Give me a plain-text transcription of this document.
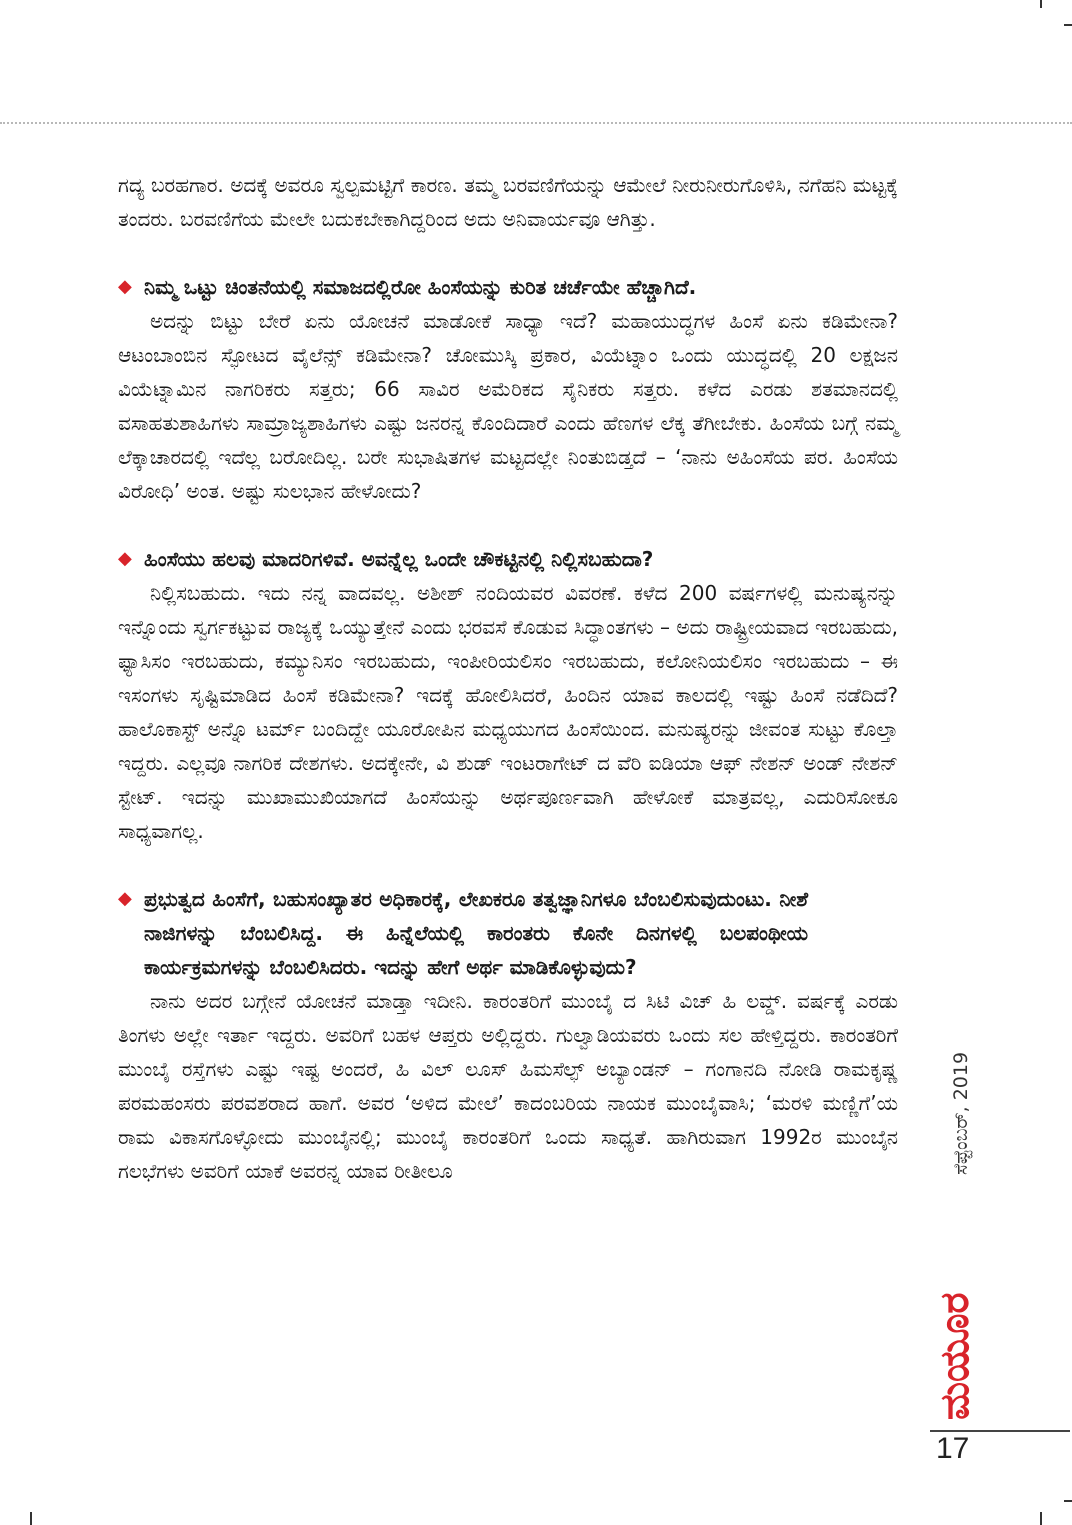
ಗದ್ಯ ಬರಹಗಾರ. ಅದಕ್ಕೆ ಅವರೂ ಸ್ವಲ್ಪಮಟ್ಟಿಗೆ ಕಾರಣ. ತಮ್ಮ ಬರವಣಿಗೆಯನ್ನು ಆಮೇಲೆ ನೀರುನೀರುಗೊಳಿಸಿ, ನಗೆಹನಿ ಮಟ್ಟಕ್ಕೆ ತಂದರು. ಬರವಣಿಗೆಯ ಮೇಲೇ ಬದುಕಬೇಕಾಗಿದ್ದರಿಂದ ಅದು ಅನಿವಾರ್ಯವೂ ಆಗಿತ್ತು.

◆ ನಿಮ್ಮ ಒಟ್ಟು ಚಿಂತನೆಯಲ್ಲಿ ಸಮಾಜದಲ್ಲಿರೋ ಹಿಂಸೆಯನ್ನು ಕುರಿತ ಚರ್ಚೆಯೇ ಹೆಚ್ಚಾಗಿದೆ.

ಅದನ್ನು ಬಿಟ್ಟು ಬೇರೆ ಏನು ಯೋಚನೆ ಮಾಡೋಕೆ ಸಾಧ್ಯಾ ಇದೆ? ಮಹಾಯುದ್ಧಗಳ ಹಿಂಸೆ ಏನು ಕಡಿಮೇನಾ? ಆಟಂಬಾಂಬಿನ ಸ್ಫೋಟದ ವೈಲೆನ್ಸ್ ಕಡಿಮೇನಾ? ಚೋಮುಸ್ಕಿ ಪ್ರಕಾರ, ವಿಯೆಟ್ನಾಂ ಒಂದು ಯುದ್ಧದಲ್ಲಿ 20 ಲಕ್ಷಜನ ವಿಯೆಟ್ನಾಮಿನ ನಾಗರಿಕರು ಸತ್ತರು; 66 ಸಾವಿರ ಅಮೆರಿಕದ ಸೈನಿಕರು ಸತ್ತರು. ಕಳೆದ ಎರಡು ಶತಮಾನದಲ್ಲಿ ವಸಾಹತುಶಾಹಿಗಳು ಸಾಮ್ರಾಜ್ಯಶಾಹಿಗಳು ಎಷ್ಟು ಜನರನ್ನ ಕೊಂದಿದಾರೆ ಎಂದು ಹೆಣಗಳ ಲೆಕ್ಕ ತೆಗೀಬೇಕು. ಹಿಂಸೆಯ ಬಗ್ಗೆ ನಮ್ಮ ಲೆಕ್ಕಾಚಾರದಲ್ಲಿ ಇದೆಲ್ಲ ಬರೋದಿಲ್ಲ. ಬರೇ ಸುಭಾಷಿತಗಳ ಮಟ್ಟದಲ್ಲೇ ನಿಂತುಬಿಡ್ತದೆ – ‘ನಾನು ಅಹಿಂಸೆಯ ಪರ. ಹಿಂಸೆಯ ವಿರೋಧಿ’ ಅಂತ. ಅಷ್ಟು ಸುಲಭಾನ ಹೇಳೋದು?

◆ ಹಿಂಸೆಯು ಹಲವು ಮಾದರಿಗಳಿವೆ. ಅವನ್ನೆಲ್ಲ ಒಂದೇ ಚೌಕಟ್ಟಿನಲ್ಲಿ ನಿಲ್ಲಿಸಬಹುದಾ?

ನಿಲ್ಲಿಸಬಹುದು. ಇದು ನನ್ನ ವಾದವಲ್ಲ. ಅಶೀಶ್ ನಂದಿಯವರ ವಿವರಣೆ. ಕಳೆದ 200 ವರ್ಷಗಳಲ್ಲಿ ಮನುಷ್ಯನನ್ನು ಇನ್ನೊಂದು ಸ್ವರ್ಗಕಟ್ಟುವ ರಾಜ್ಯಕ್ಕೆ ಒಯ್ಯುತ್ತೇನೆ ಎಂದು ಭರವಸೆ ಕೊಡುವ ಸಿದ್ಧಾಂತಗಳು – ಅದು ರಾಷ್ಟ್ರೀಯವಾದ ಇರಬಹುದು, ಫ್ಯಾಸಿಸಂ ಇರಬಹುದು, ಕಮ್ಯುನಿಸಂ ಇರಬಹುದು, ಇಂಪೀರಿಯಲಿಸಂ ಇರಬಹುದು, ಕಲೋನಿಯಲಿಸಂ ಇರಬಹುದು – ಈ ಇಸಂಗಳು ಸೃಷ್ಟಿಮಾಡಿದ ಹಿಂಸೆ ಕಡಿಮೇನಾ? ಇದಕ್ಕೆ ಹೋಲಿಸಿದರೆ, ಹಿಂದಿನ ಯಾವ ಕಾಲದಲ್ಲಿ ಇಷ್ಟು ಹಿಂಸೆ ನಡೆದಿದೆ? ಹಾಲೊಕಾಸ್ಟ್ ಅನ್ನೊ ಟರ್ಮ್ ಬಂದಿದ್ದೇ ಯೂರೋಪಿನ ಮಧ್ಯಯುಗದ ಹಿಂಸೆಯಿಂದ. ಮನುಷ್ಯರನ್ನು ಜೀವಂತ ಸುಟ್ಟು ಕೊಲ್ತಾ ಇದ್ದರು. ಎಲ್ಲವೂ ನಾಗರಿಕ ದೇಶಗಳು. ಅದಕ್ಕೇನೇ, ವಿ ಶುಡ್ ಇಂಟರಾಗೇಟ್ ದ ವೆರಿ ಐಡಿಯಾ ಆಫ್ ನೇಶನ್ ಅಂಡ್ ನೇಶನ್ ಸ್ಟೇಟ್. ಇದನ್ನು ಮುಖಾಮುಖಿಯಾಗದೆ ಹಿಂಸೆಯನ್ನು ಅರ್ಥಪೂರ್ಣವಾಗಿ ಹೇಳೋಕೆ ಮಾತ್ರವಲ್ಲ, ಎದುರಿಸೋಕೂ ಸಾಧ್ಯವಾಗಲ್ಲ.

◆ ಪ್ರಭುತ್ವದ ಹಿಂಸೆಗೆ, ಬಹುಸಂಖ್ಯಾತರ ಅಧಿಕಾರಕ್ಕೆ, ಲೇಖಕರೂ ತತ್ವಜ್ಞಾನಿಗಳೂ ಬೆಂಬಲಿಸುವುದುಂಟು. ನೀಶೆ ನಾಜಿಗಳನ್ನು ಬೆಂಬಲಿಸಿದ್ದ. ಈ ಹಿನ್ನೆಲೆಯಲ್ಲಿ ಕಾರಂತರು ಕೊನೇ ದಿನಗಳಲ್ಲಿ ಬಲಪಂಥೀಯ ಕಾರ್ಯಕ್ರಮಗಳನ್ನು ಬೆಂಬಲಿಸಿದರು. ಇದನ್ನು ಹೇಗೆ ಅರ್ಥ ಮಾಡಿಕೊಳ್ಳುವುದು?

ನಾನು ಅದರ ಬಗ್ಗೇನೆ ಯೋಚನೆ ಮಾಡ್ತಾ ಇದೀನಿ. ಕಾರಂತರಿಗೆ ಮುಂಬೈ ದ ಸಿಟಿ ವಿಚ್ ಹಿ ಲವ್ಡ್. ವರ್ಷಕ್ಕೆ ಎರಡು ತಿಂಗಳು ಅಲ್ಲೇ ಇರ್ತಾ ಇದ್ದರು. ಅವರಿಗೆ ಬಹಳ ಆಪ್ತರು ಅಲ್ಲಿದ್ದರು. ಗುಲ್ವಾಡಿಯವರು ಒಂದು ಸಲ ಹೇಳ್ತಿದ್ದರು. ಕಾರಂತರಿಗೆ ಮುಂಬೈ ರಸ್ತೆಗಳು ಎಷ್ಟು ಇಷ್ಟ ಅಂದರೆ, ಹಿ ವಿಲ್ ಲೂಸ್ ಹಿಮಸೆಲ್ಫ್ ಅಬ್ಯಾಂಡನ್ – ಗಂಗಾನದಿ ನೋಡಿ ರಾಮಕೃಷ್ಣ ಪರಮಹಂಸರು ಪರವಶರಾದ ಹಾಗೆ. ಅವರ ‘ಅಳಿದ ಮೇಲೆ’ ಕಾದಂಬರಿಯ ನಾಯಕ ಮುಂಬೈವಾಸಿ; ‘ಮರಳಿ ಮಣ್ಣಿಗೆ’ಯ ರಾಮ ವಿಕಾಸಗೊಳ್ಳೋದು ಮುಂಬೈನಲ್ಲಿ; ಮುಂಬೈ ಕಾರಂತರಿಗೆ ಒಂದು ಸಾಧ್ಯತೆ. ಹಾಗಿರುವಾಗ 1992ರ ಮುಂಬೈನ ಗಲಭೆಗಳು ಅವರಿಗೆ ಯಾಕೆ ಅವರನ್ನ ಯಾವ ರೀತೀಲೂ	ಸೆಪ್ಟೆಂಬರ್, 2019
ಮಯೂರ
17
